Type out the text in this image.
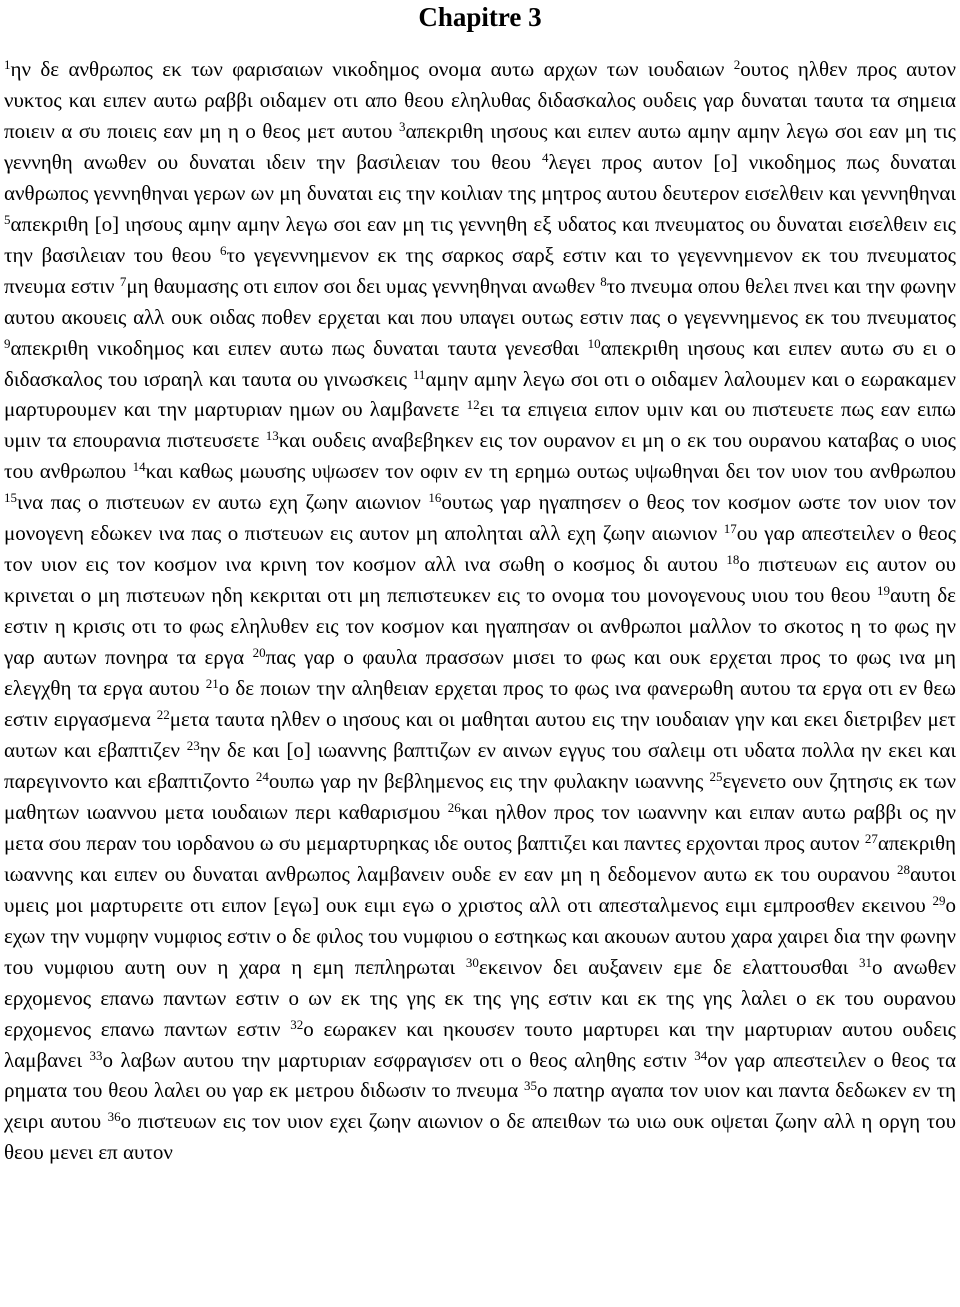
Chapitre 3

$^1$ην δε ανθρωπος εκ των φαρισαιων νικοδημος ονομα αυτω αρχων των ιουδαιων $^2$ουτος ηλθεν προς αυτον νυκτος και ειπεν αυτω ραββι οιδαμεν οτι απο θεου εληλυθας διδασκαλος ουδεις γαρ δυναται ταυτα τα σημεια ποιειν α συ ποιεις εαν μη η ο θεος μετ αυτου $^3$απεκριθη ιησους και ειπεν αυτω αμην αμην λεγω σοι εαν μη τις γεννηθη ανωθεν ου δυναται ιδειν την βασιλειαν του θεου $^4$λεγει προς αυτον [ο] νικοδημος πως δυναται ανθρωπος γεννηθηναι γερων ων μη δυναται εις την κοιλιαν της μητρος αυτου δευτερον εισελθειν και γεννηθηναι $^5$απεκριθη [ο] ιησους αμην αμην λεγω σοι εαν μη τις γεννηθη εξ υδατος και πνευματος ου δυναται εισελθειν εις την βασιλειαν του θεου $^6$το γεγεννημενον εκ της σαρκος σαρξ εστιν και το γεγεννημενον εκ του πνευματος πνευμα εστιν $^7$μη θαυμασης οτι ειπον σοι δει υμας γεννηθηναι ανωθεν $^8$το πνευμα οπου θελει πνει και την φωνην αυτου ακουεις αλλ ουκ οιδας ποθεν ερχεται και που υπαγει ουτως εστιν πας ο γεγεννημενος εκ του πνευματος $^9$απεκριθη νικοδημος και ειπεν αυτω πως δυναται ταυτα γενεσθαι $^{10}$απεκριθη ιησους και ειπεν αυτω συ ει ο διδασκαλος του ισραηλ και ταυτα ου γινωσκεις $^{11}$αμην αμην λεγω σοι οτι ο οιδαμεν λαλουμεν και ο εωρακαμεν μαρτυρουμεν και την μαρτυριαν ημων ου λαμβανετε $^{12}$ει τα επιγεια ειπον υμιν και ου πιστευετε πως εαν ειπω υμιν τα επουρανια πιστευσετε $^{13}$και ουδεις αναβεβηκεν εις τον ουρανον ει μη ο εκ του ουρανου καταβας ο υιος του ανθρωπου $^{14}$και καθως μωυσης υψωσεν τον οφιν εν τη ερημω ουτως υψωθηναι δει τον υιον του ανθρωπου $^{15}$ινα πας ο πιστευων εν αυτω εχη ζωην αιωνιον $^{16}$ουτως γαρ ηγαπησεν ο θεος τον κοσμον ωστε τον υιον τον μονογενη εδωκεν ινα πας ο πιστευων εις αυτον μη αποληται αλλ εχη ζωην αιωνιον $^{17}$ου γαρ απεστειλεν ο θεος τον υιον εις τον κοσμον ινα κρινη τον κοσμον αλλ ινα σωθη ο κοσμος δι αυτου $^{18}$ο πιστευων εις αυτον ου κρινεται ο μη πιστευων ηδη κεκριται οτι μη πεπιστευκεν εις το ονομα του μονογενους υιου του θεου $^{19}$αυτη δε εστιν η κρισις οτι το φως εληλυθεν εις τον κοσμον και ηγαπησαν οι ανθρωποι μαλλον το σκοτος η το φως ην γαρ αυτων πονηρα τα εργα $^{20}$πας γαρ ο φαυλα πρασσων μισει το φως και ουκ ερχεται προς το φως ινα μη ελεγχθη τα εργα αυτου $^{21}$ο δε ποιων την αληθειαν ερχεται προς το φως ινα φανερωθη αυτου τα εργα οτι εν θεω εστιν ειργασμενα $^{22}$μετα ταυτα ηλθεν ο ιησους και οι μαθηται αυτου εις την ιουδαιαν γην και εκει διετριβεν μετ αυτων και εβαπτιζεν $^{23}$ην δε και [ο] ιωαννης βαπτιζων εν αινων εγγυς του σαλειμ οτι υδατα πολλα ην εκει και παρεγινοντο και εβαπτιζοντο $^{24}$ουπω γαρ ην βεβλημενος εις την φυλακην ιωαννης $^{25}$εγενετο ουν ζητησις εκ των μαθητων ιωαννου μετα ιουδαιων περι καθαρισμου $^{26}$και ηλθον προς τον ιωαννην και ειπαν αυτω ραββι ος ην μετα σου περαν του ιορδανου ω συ μεμαρτυρηκας ιδε ουτος βαπτιζει και παντες ερχονται προς αυτον $^{27}$απεκριθη ιωαννης και ειπεν ου δυναται ανθρωπος λαμβανειν ουδε εν εαν μη η δεδομενον αυτω εκ του ουρανου $^{28}$αυτοι υμεις μοι μαρτυρειτε οτι ειπον [εγω] ουκ ειμι εγω ο χριστος αλλ οτι απεσταλμενος ειμι εμπροσθεν εκεινου $^{29}$ο εχων την νυμφην νυμφιος εστιν ο δε φιλος του νυμφιου ο εστηκως και ακουων αυτου χαρα χαιρει δια την φωνην του νυμφιου αυτη ουν η χαρα η εμη πεπληρωται $^{30}$εκεινον δει αυξανειν εμε δε ελαττουσθαι $^{31}$ο ανωθεν ερχομενος επανω παντων εστιν ο ων εκ της γης εκ της γης εστιν και εκ της γης λαλει ο εκ του ουρανου ερχομενος επανω παντων εστιν $^{32}$ο εωρακεν και ηκουσεν τουτο μαρτυρει και την μαρτυριαν αυτου ουδεις λαμβανει $^{33}$ο λαβων αυτου την μαρτυριαν εσφραγισεν οτι ο θεος αληθης εστιν $^{34}$ον γαρ απεστειλεν ο θεος τα ρηματα του θεου λαλει ου γαρ εκ μετρου διδωσιν το πνευμα $^{35}$ο πατηρ αγαπα τον υιον και παντα δεδωκεν εν τη χειρι αυτου $^{36}$ο πιστευων εις τον υιον εχει ζωην αιωνιον ο δε απειθων τω υιω ουκ οψεται ζωην αλλ η οργη του θεου μενει επ αυτον
